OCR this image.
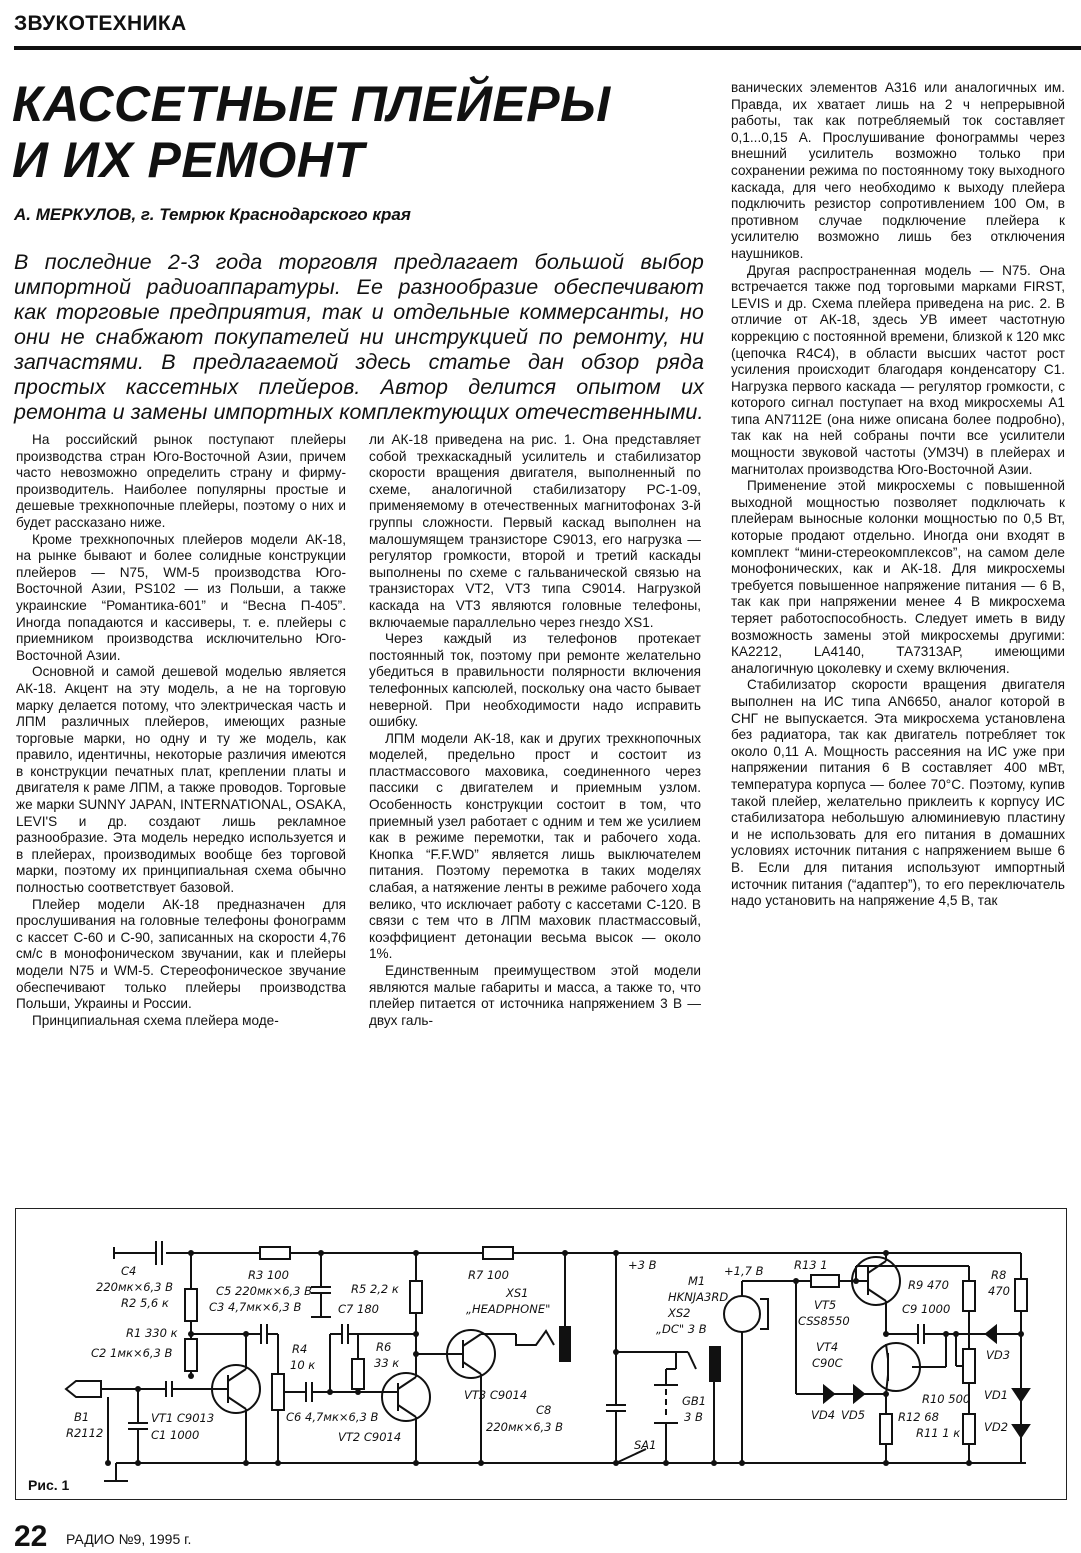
ЗВУКОТЕХНИКА
КАССЕТНЫЕ ПЛЕЙЕРЫ
И ИХ РЕМОНТ
А. МЕРКУЛОВ, г. Темрюк Краснодарского края
В последние 2-3 года торговля предлагает большой выбор импортной радиоаппаратуры. Ее разнообразие обеспечивают как торговые предприятия, так и отдельные коммерсанты, но они не снабжают покупателей ни инструкцией по ремонту, ни запчастями. В предлагаемой здесь статье дан обзор ряда простых кассетных плейеров. Автор делится опытом их ремонта и замены импортных комплектующих отечественными.

На российский рынок поступают плейеры производства стран Юго-Восточной Азии, причем часто невозможно определить страну и фирму-производитель. Наиболее популярны простые и дешевые трехкнопочные плейеры, поэтому о них и будет рассказано ниже.

Кроме трехкнопочных плейеров модели АК-18, на рынке бывают и более солидные конструкции плейеров — N75, WM-5 производства Юго-Восточной Азии, PS102 — из Польши, а также украинские “Романтика-601” и “Весна П-405”. Иногда попадаются и кассиверы, т. е. плейеры с приемником производства исключительно Юго-Восточной Азии.

Основной и самой дешевой моделью является АК-18. Акцент на эту модель, а не на торговую марку делается потому, что электрическая часть и ЛПМ различных плейеров, имеющих разные торговые марки, но одну и ту же модель, как правило, идентичны, некоторые различия имеются в конструкции печатных плат, креплении платы и двигателя к раме ЛПМ, а также проводов. Торговые же марки SUNNY JAPAN, INTERNATIONAL, OSAKA, LEVI'S и др. создают лишь рекламное разнообразие. Эта модель нередко используется и в плейерах, производимых вообще без торговой марки, поэтому их принципиальная схема обычно полностью соответствует базовой.

Плейер модели АК-18 предназначен для прослушивания на головные телефоны фонограмм с кассет С-60 и С-90, записанных на скорости 4,76 см/с в монофоническом звучании, как и плейеры модели N75 и WM-5. Стереофоническое звучание обеспечивают только плейеры производства Польши, Украины и России.

Принципиальная схема плейера моде-

ли АК-18 приведена на рис. 1. Она представляет собой трехкаскадный усилитель и стабилизатор скорости вращения двигателя, выполненный по схеме, аналогичной стабилизатору PC-1-09, применяемому в отечественных магнитофонах 3-й группы сложности. Первый каскад выполнен на малошумящем транзисторе С9013, его нагрузка — регулятор громкости, второй и третий каскады выполнены по схеме с гальванической связью на транзисторах VT2, VT3 типа С9014. Нагрузкой каскада на VT3 являются головные телефоны, включаемые параллельно через гнездо XS1.

Через каждый из телефонов протекает постоянный ток, поэтому при ремонте желательно убедиться в правильности полярности включения телефонных капсюлей, поскольку она часто бывает неверной. При необходимости надо исправить ошибку.

ЛПМ модели АК-18, как и других трехкнопочных моделей, предельно прост и состоит из пластмассового маховика, соединенного через пассики с двигателем и приемным узлом. Особенность конструкции состоит в том, что приемный узел работает с одним и тем же усилием как в режиме перемотки, так и рабочего хода. Кнопка “F.F.WD” является лишь выключателем питания. Поэтому перемотка в таких моделях слабая, а натяжение ленты в режиме рабочего хода велико, что исключает работу с кассетами С-120. В связи с тем что в ЛПМ маховик пластмассовый, коэффициент детонации весьма высок — около 1%.

Единственным преимуществом этой модели являются малые габариты и масса, а также то, что плейер питается от источника напряжением 3 В — двух галь-

ванических элементов А316 или аналогичных им. Правда, их хватает лишь на 2 ч непрерывной работы, так как потребляемый ток составляет 0,1...0,15 А. Прослушивание фонограммы через внешний усилитель возможно только при сохранении режима по постоянному току выходного каскада, для чего необходимо к выходу плейера подключить резистор сопротивлением 100 Ом, в противном случае подключение плейера к усилителю возможно лишь без отключения наушников.

Другая распространенная модель — N75. Она встречается также под торговыми марками FIRST, LEVIS и др. Схема плейера приведена на рис. 2. В отличие от АК-18, здесь УВ имеет частотную коррекцию с постоянной времени, близкой к 120 мкс (цепочка R4C4), в области высших частот рост усиления происходит благодаря конденсатору С1. Нагрузка первого каскада — регулятор громкости, с которого сигнал поступает на вход микросхемы А1 типа AN7112E (она ниже описана более подробно), так как на ней собраны почти все усилители мощности звуковой частоты (УМЗЧ) в плейерах и магнитолах производства Юго-Восточной Азии.

Применение этой микросхемы с повышенной выходной мощностью позволяет подключать к плейерам выносные колонки мощностью по 0,5 Вт, которые продают отдельно. Иногда они входят в комплект “мини-стереокомплексов”, на самом деле монофонических, как и АК-18. Для микросхемы требуется повышенное напряжение питания — 6 В, так как при напряжении менее 4 В микросхема теряет работоспособность. Следует иметь в виду возможность замены этой микросхемы другими: КА2212, LA4140, ТА7313АР, имеющими аналогичную цоколевку и схему включения.

Стабилизатор скорости вращения двигателя выполнен на ИС типа AN6650, аналог которой в СНГ не выпускается. Эта микросхема установлена без радиатора, так как двигатель потребляет ток около 0,11 А. Мощность рассеяния на ИС уже при напряжении питания 6 В составляет 400 мВт, температура корпуса — более 70°С. Поэтому, купив такой плейер, желательно приклеить к корпусу ИС стабилизатора небольшую алюминиевую пластину и не использовать для его питания в домашних условиях источник питания с напряжением выше 6 В. Если для питания используют импортный источник питания (“адаптер”), то его переключатель надо установить на напряжение 4,5 В, так

C4
220мк×6,3 В
R2 5,6 к
R1 330 к
C2 1мк×6,3 В
B1
R2112
VT1 C9013
C1 1000
R3 100
C5 220мк×6,3 В
C3 4,7мк×6,3 В
R4
10 к
C6 4,7мк×6,3 В
R5 2,2 к
C7 180
R6
33 к
VT2 C9014
R7 100
XS1
„HEADPHONE"
VT3 C9014
C8
220мк×6,3 В
+3 В
M1
HKNJA3RD
XS2
„DC" 3 В
GB1
3 В
SA1
+1,7 В	R13 1
VT5
CSS8550
VT4
C90C
VD4 VD5
R9 470
C9 1000
R12 68
R10 500
R11 1 к
R8
470
VD3
VD1
VD2
Рис. 1
22 РАДИО №9, 1995 г.
